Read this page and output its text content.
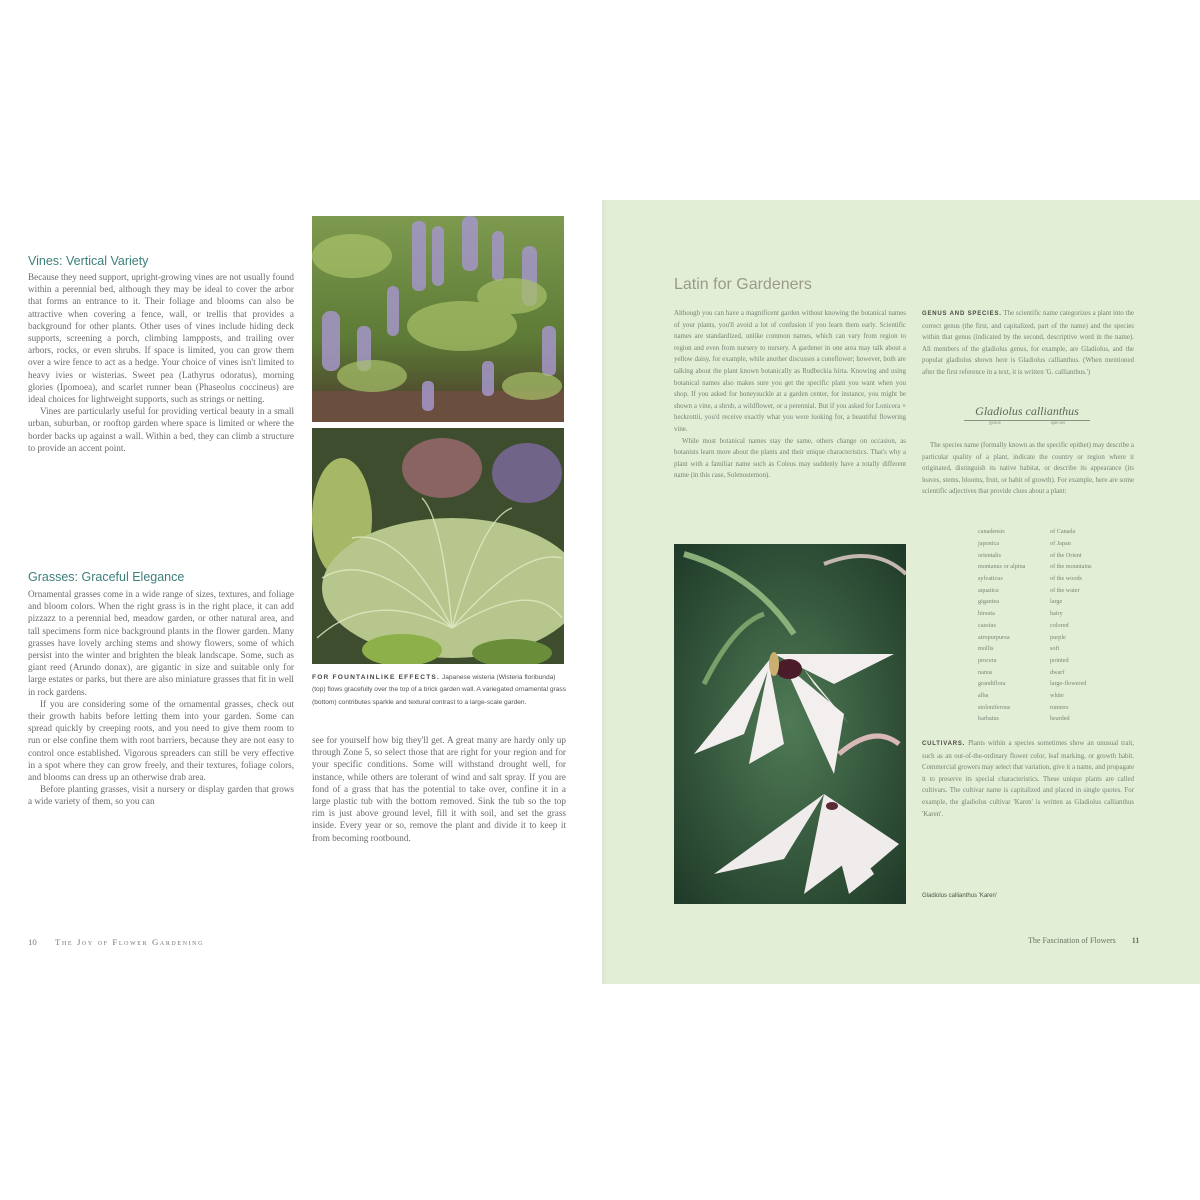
Vines: Vertical Variety

Because they need support, upright-growing vines are not usually found within a perennial bed, although they may be ideal to cover the arbor that forms an entrance to it. Their foliage and blooms can also be attractive when covering a fence, wall, or trellis that provides a background for other plants. Other uses of vines include hiding deck supports, screening a porch, climbing lampposts, and trailing over arbors, rocks, or even shrubs. If space is limited, you can grow them over a wire fence to act as a hedge. Your choice of vines isn't limited to heavy ivies or wisterias. Sweet pea (Lathyrus odoratus), morning glories (Ipomoea), and scarlet runner bean (Phaseolus coccineus) are ideal choices for lightweight supports, such as strings or netting.

Vines are particularly useful for providing vertical beauty in a small urban, suburban, or rooftop garden where space is limited or where the border backs up against a wall. Within a bed, they can climb a structure to provide an accent point.

Grasses: Graceful Elegance

Ornamental grasses come in a wide range of sizes, textures, and foliage and bloom colors. When the right grass is in the right place, it can add pizzazz to a perennial bed, meadow garden, or other natural area, and tall specimens form nice background plants in the flower garden. Many grasses have lovely arching stems and showy flowers, some of which persist into the winter and brighten the bleak landscape. Some, such as giant reed (Arundo donax), are gigantic in size and suitable only for large estates or parks, but there are also miniature grasses that fit in well in rock gardens.

If you are considering some of the ornamental grasses, check out their growth habits before letting them into your garden. Some can spread quickly by creeping roots, and you need to give them room to run or else confine them with root barriers, because they are not easy to control once established. Vigorous spreaders can still be very effective in a spot where they can grow freely, and their textures, foliage colors, and blooms can dress up an otherwise drab area.

Before planting grasses, visit a nursery or display garden that grows a wide variety of them, so you can

FOR FOUNTAINLIKE EFFECTS. Japanese wisteria (Wisteria floribunda) (top) flows gracefully over the top of a brick garden wall. A variegated ornamental grass (bottom) contributes sparkle and textural contrast to a large-scale garden.

see for yourself how big they'll get. A great many are hardy only up through Zone 5, so select those that are right for your region and for your specific conditions. Some will withstand drought well, for instance, while others are tolerant of wind and salt spray. If you are fond of a grass that has the potential to take over, confine it in a large plastic tub with the bottom removed. Sink the tub so the top rim is just above ground level, fill it with soil, and set the grass inside. Every year or so, remove the plant and divide it to keep it from becoming rootbound.

10 The Joy of Flower Gardening
Latin for Gardeners

Although you can have a magnificent garden without knowing the botanical names of your plants, you'll avoid a lot of confusion if you learn them early. Scientific names are standardized, unlike common names, which can vary from region to region and even from nursery to nursery. A gardener in one area may talk about a yellow daisy, for example, while another discusses a coneflower; however, both are talking about the plant known botanically as Rudbeckia hirta. Knowing and using botanical names also makes sure you get the specific plant you want when you shop. If you asked for honeysuckle at a garden center, for instance, you might be shown a vine, a shrub, a wildflower, or a perennial. But if you asked for Lonicera × heckrottii, you'd receive exactly what you were looking for, a beautiful flowering vine.

While most botanical names stay the same, others change on occasion, as botanists learn more about the plants and their unique characteristics. That's why a plant with a familiar name such as Coleus may suddenly have a totally different name (in this case, Solenostemon).

GENUS AND SPECIES. The scientific name categorizes a plant into the correct genus (the first, and capitalized, part of the name) and the species within that genus (indicated by the second, descriptive word in the name). All members of the gladiolus genus, for example, are Gladiolus, and the popular gladiolus shown here is Gladiolus callianthus. (When mentioned after the first reference in a text, it is written 'G. callianthus.')

Gladiolus callianthus
genus	species

The species name (formally known as the specific epithet) may describe a particular quality of a plant, indicate the country or region where it originated, distinguish its native habitat, or describe its appearance (its leaves, stems, blooms, fruit, or habit of growth). For example, here are some scientific adjectives that provide clues about a plant:

canadensis	of Canada
japonica	of Japan
orientalis	of the Orient
montanus or alpina	of the mountains
sylvaticus	of the woods
aquatica	of the water
gigantea	large
hirsuta	hairy
caesius	colored
atropurpurea	purple
mollis	soft
procera	pointed
nanus	dwarf
grandiflora	large-flowered
alba	white
stoloniferous	runners
barbatus	bearded

CULTIVARS. Plants within a species sometimes show an unusual trait, such as an out-of-the-ordinary flower color, leaf marking, or growth habit. Commercial growers may select that variation, give it a name, and propagate it to preserve its special characteristics. These unique plants are called cultivars. The cultivar name is capitalized and placed in single quotes. For example, the gladiolus cultivar 'Karen' is written as Gladiolus callianthus 'Karen'.

Gladiolus callianthus 'Karen'
The Fascination of Flowers 11
